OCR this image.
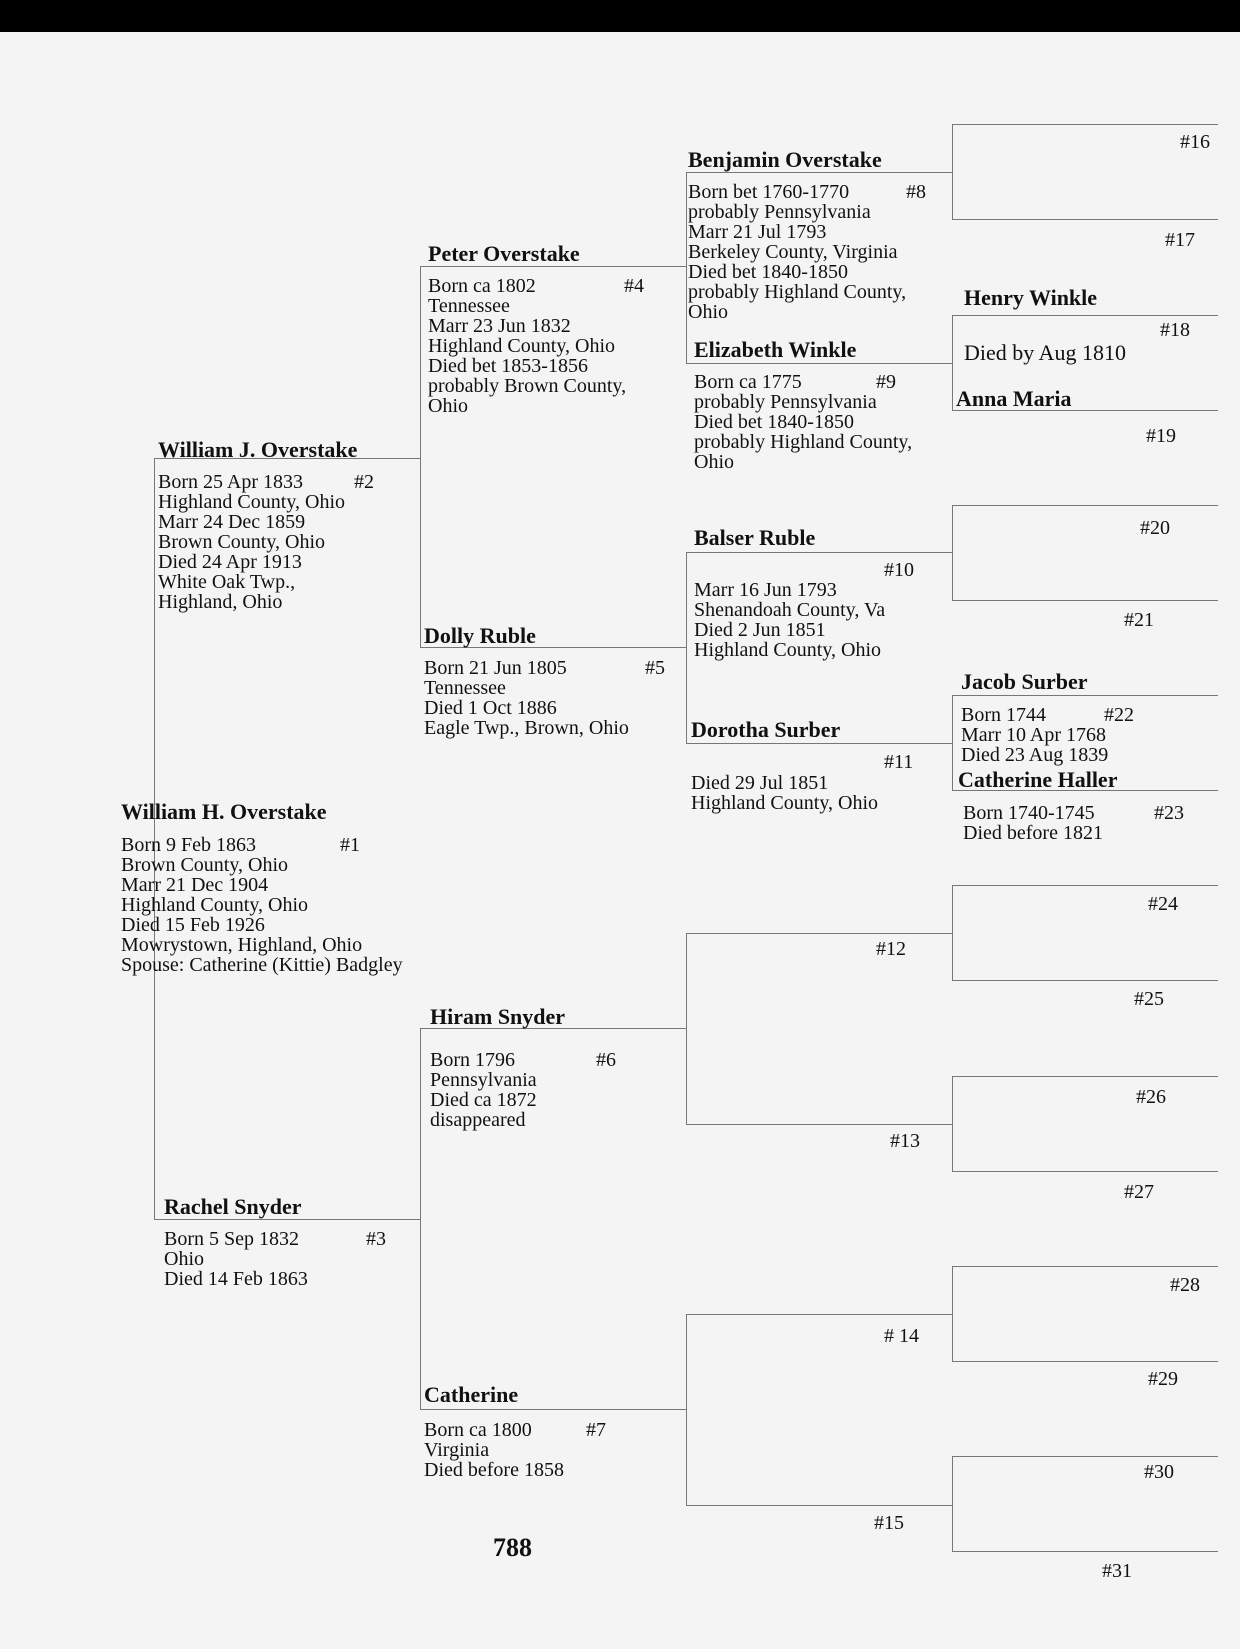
William H. Overstake
#1
Born 9 Feb 1863
Brown County, Ohio
Marr 21 Dec 1904
Highland County, Ohio
Died 15 Feb 1926
Mowrystown, Highland, Ohio
Spouse: Catherine (Kittie) Badgley
William J. Overstake
#2
Born 25 Apr 1833
Highland County, Ohio
Marr 24 Dec 1859
Brown County, Ohio
Died 24 Apr 1913
White Oak Twp.,
Highland, Ohio
Rachel Snyder
#3
Born 5 Sep 1832
Ohio
Died 14 Feb 1863
Peter Overstake
#4
Born ca 1802
Tennessee
Marr 23 Jun 1832
Highland County, Ohio
Died bet 1853-1856
probably Brown County,
Ohio
Dolly Ruble
#5
Born 21 Jun 1805
Tennessee
Died 1 Oct 1886
Eagle Twp., Brown, Ohio
Hiram Snyder
#6
Born 1796
Pennsylvania
Died ca 1872
disappeared
Catherine
#7
Born ca 1800
Virginia
Died before 1858
Benjamin Overstake
#8
Born bet 1760-1770
probably Pennsylvania
Marr 21 Jul 1793
Berkeley County, Virginia
Died bet 1840-1850
probably Highland County,
Ohio
Elizabeth Winkle
#9
Born ca 1775
probably Pennsylvania
Died bet 1840-1850
probably Highland County,
Ohio
Balser Ruble
#10
Marr 16 Jun 1793
Shenandoah County, Va
Died 2 Jun 1851
Highland County, Ohio
Dorotha Surber
#11
Died 29 Jul 1851
Highland County, Ohio
#12
#13
# 14
#15
#16
#17
Henry Winkle
#18
Died by Aug 1810
Anna Maria
#19
#20
#21
Jacob Surber
#22
Born 1744
Marr 10 Apr 1768
Died 23 Aug 1839
Catherine Haller
#23
Born 1740-1745
Died before 1821
#24
#25
#26
#27
#28
#29
#30
#31
788
